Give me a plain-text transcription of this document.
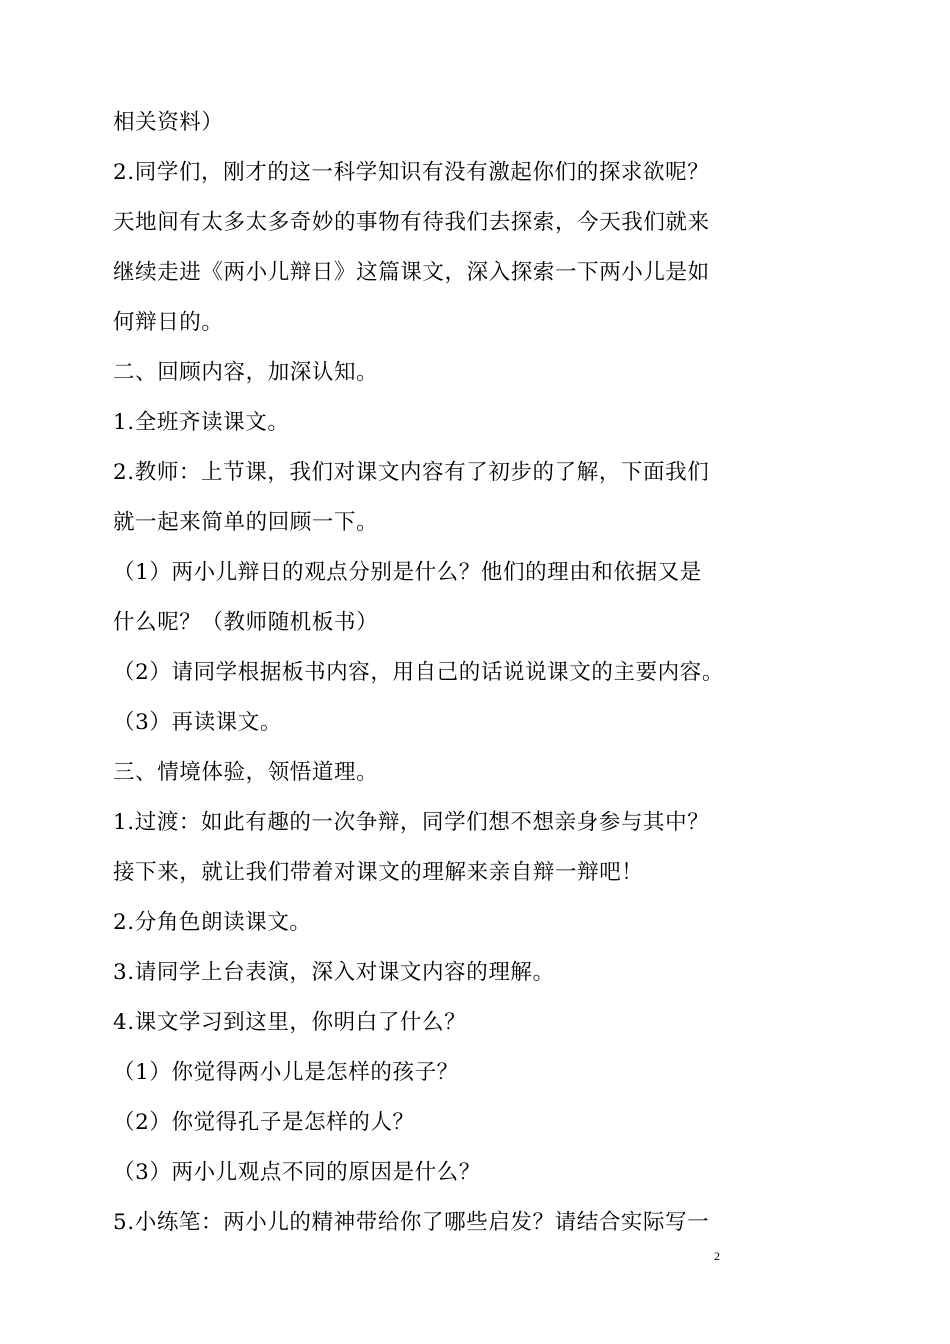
相关资料）
2.同学们，刚才的这一科学知识有没有激起你们的探求欲呢？
天地间有太多太多奇妙的事物有待我们去探索，今天我们就来
继续走进《两小儿辩日》这篇课文，深入探索一下两小儿是如
何辩日的。
二、回顾内容，加深认知。
1.全班齐读课文。
2.教师：上节课，我们对课文内容有了初步的了解，下面我们
就一起来简单的回顾一下。
（1）两小儿辩日的观点分别是什么？他们的理由和依据又是
什么呢？（教师随机板书）
（2）请同学根据板书内容，用自己的话说说课文的主要内容。
（3）再读课文。
三、情境体验，领悟道理。
1.过渡：如此有趣的一次争辩，同学们想不想亲身参与其中？
接下来，就让我们带着对课文的理解来亲自辩一辩吧！
2.分角色朗读课文。
3.请同学上台表演，深入对课文内容的理解。
4.课文学习到这里，你明白了什么？
（1）你觉得两小儿是怎样的孩子？
（2）你觉得孔子是怎样的人？
（3）两小儿观点不同的原因是什么？
5.小练笔：两小儿的精神带给你了哪些启发？请结合实际写一
2
